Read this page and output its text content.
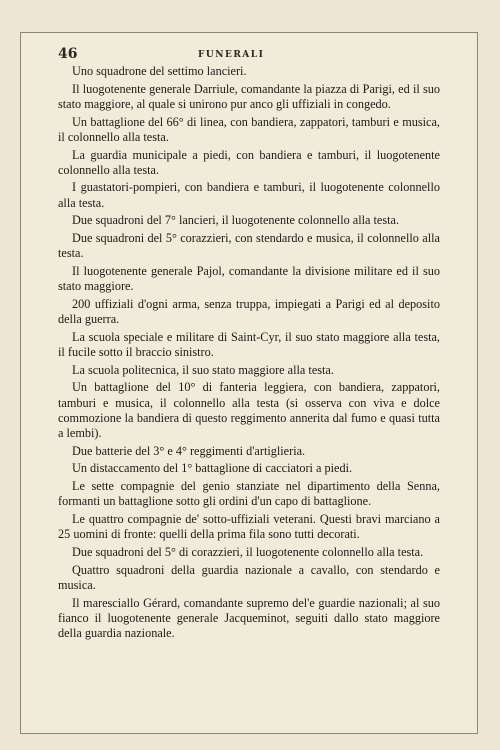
46	FUNERALI

Uno squadrone del settimo lancieri.

Il luogotenente generale Darriule, comandante la piazza di Parigi, ed il suo stato maggiore, al quale si unirono pur anco gli uffiziali in congedo.

Un battaglione del 66° di linea, con bandiera, zappatori, tamburi e musica, il colonnello alla testa.

La guardia municipale a piedi, con bandiera e tamburi, il luogotenente colonnello alla testa.

I guastatori-pompieri, con bandiera e tamburi, il luogotenente colonnello alla testa.

Due squadroni del 7° lancieri, il luogotenente colonnello alla testa.

Due squadroni del 5° corazzieri, con stendardo e musica, il colonnello alla testa.

Il luogotenente generale Pajol, comandante la divisione militare ed il suo stato maggiore.

200 uffiziali d'ogni arma, senza truppa, impiegati a Parigi ed al deposito della guerra.

La scuola speciale e militare di Saint-Cyr, il suo stato maggiore alla testa, il fucile sotto il braccio sinistro.

La scuola politecnica, il suo stato maggiore alla testa.

Un battaglione del 10° di fanteria leggiera, con bandiera, zappatori, tamburi e musica, il colonnello alla testa (si osserva con viva e dolce commozione la bandiera di questo reggimento annerita dal fumo e quasi tutta a lembi).

Due batterie del 3° e 4° reggimenti d'artiglieria.

Un distaccamento del 1° battaglione di cacciatori a piedi.

Le sette compagnie del genio stanziate nel dipartimento della Senna, formanti un battaglione sotto gli ordini d'un capo di battaglione.

Le quattro compagnie de' sotto-uffiziali veterani. Questi bravi marciano a 25 uomini di fronte: quelli della prima fila sono tutti decorati.

Due squadroni del 5° di corazzieri, il luogotenente colonnello alla testa.

Quattro squadroni della guardia nazionale a cavallo, con stendardo e musica.

Il maresciallo Gérard, comandante supremo del'e guardie nazionali; al suo fianco il luogotenente generale Jacqueminot, seguiti dallo stato maggiore della guardia nazionale.
